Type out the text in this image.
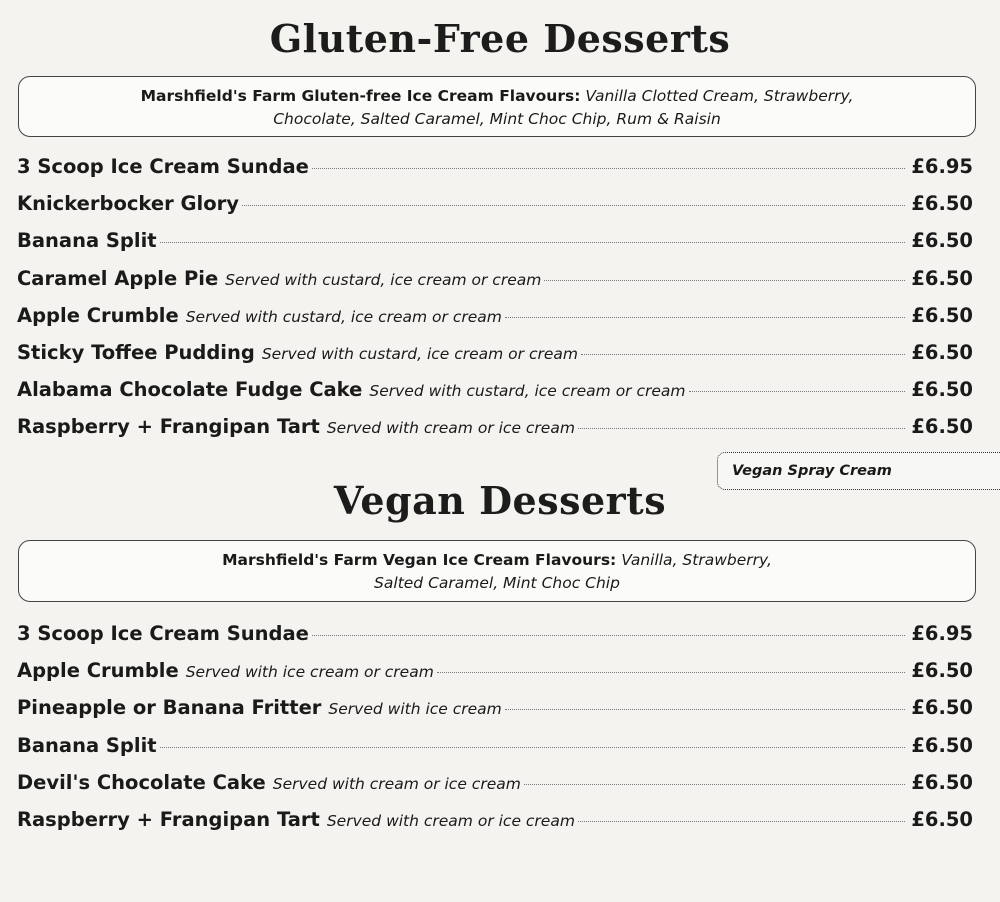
Gluten-Free Desserts
Marshfield's Farm Gluten-free Ice Cream Flavours: Vanilla Clotted Cream, Strawberry,
Chocolate, Salted Caramel, Mint Choc Chip, Rum & Raisin
3 Scoop Ice Cream Sundae	£6.95
Knickerbocker Glory	£6.50
Banana Split	£6.50
Caramel Apple Pie Served with custard, ice cream or cream	£6.50
Apple Crumble Served with custard, ice cream or cream	£6.50
Sticky Toffee Pudding Served with custard, ice cream or cream	£6.50
Alabama Chocolate Fudge Cake Served with custard, ice cream or cream	£6.50
Raspberry + Frangipan Tart Served with cream or ice cream	£6.50
Vegan Spray Cream
Vegan Desserts
Marshfield's Farm Vegan Ice Cream Flavours: Vanilla, Strawberry,
Salted Caramel, Mint Choc Chip
3 Scoop Ice Cream Sundae	£6.95
Apple Crumble Served with ice cream or cream	£6.50
Pineapple or Banana Fritter Served with ice cream	£6.50
Banana Split	£6.50
Devil's Chocolate Cake Served with cream or ice cream	£6.50
Raspberry + Frangipan Tart Served with cream or ice cream	£6.50
